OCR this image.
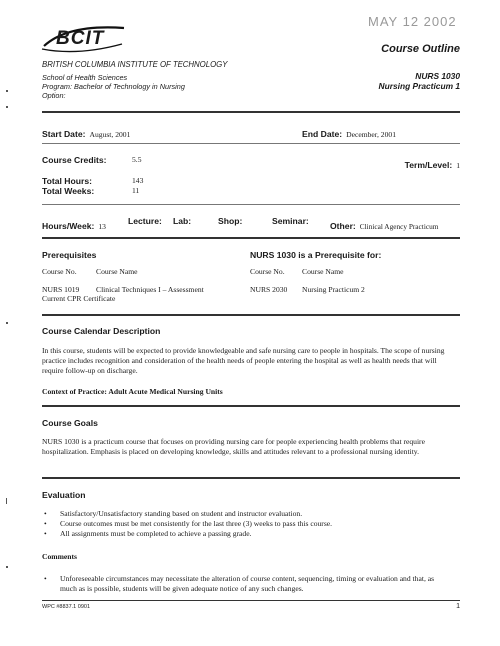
MAY 12 2002
BCIT
BRITISH COLUMBIA INSTITUTE OF TECHNOLOGY
School of Health Sciences
Program: Bachelor of Technology in Nursing
Option:
Course Outline
NURS 1030
Nursing Practicum 1
Start Date: August, 2001	End Date: December, 2001
Course Credits:	5.5
Term/Level: 1
Total Hours:	143
Total Weeks:	11
Hours/Week: 13
Lecture: Lab:	Shop:	Seminar: Other: Clinical Agency Practicum
Prerequisites
Course No.	Course Name
NURS 1019 Clinical Techniques I – Assessment
Current CPR Certificate
NURS 1030 is a Prerequisite for:
Course No. Course Name
NURS 2030 Nursing Practicum 2
Course Calendar Description
In this course, students will be expected to provide knowledgeable and safe nursing care to people in hospitals. The scope of nursing practice includes recognition and consideration of the health needs of people entering the hospital as well as health needs that will require follow-up on discharge.
Context of Practice: Adult Acute Medical Nursing Units
Course Goals
NURS 1030 is a practicum course that focuses on providing nursing care for people experiencing health problems that require hospitalization. Emphasis is placed on developing knowledge, skills and attitudes relevant to a professional nursing identity.
Evaluation
• Satisfactory/Unsatisfactory standing based on student and instructor evaluation.
• Course outcomes must be met consistently for the last three (3) weeks to pass this course.
• All assignments must be completed to achieve a passing grade.
Comments
• Unforeseeable circumstances may necessitate the alteration of course content, sequencing, timing or evaluation and that, as much as is possible, students will be given adequate notice of any such changes.
WPC #8837.1 0901	1
